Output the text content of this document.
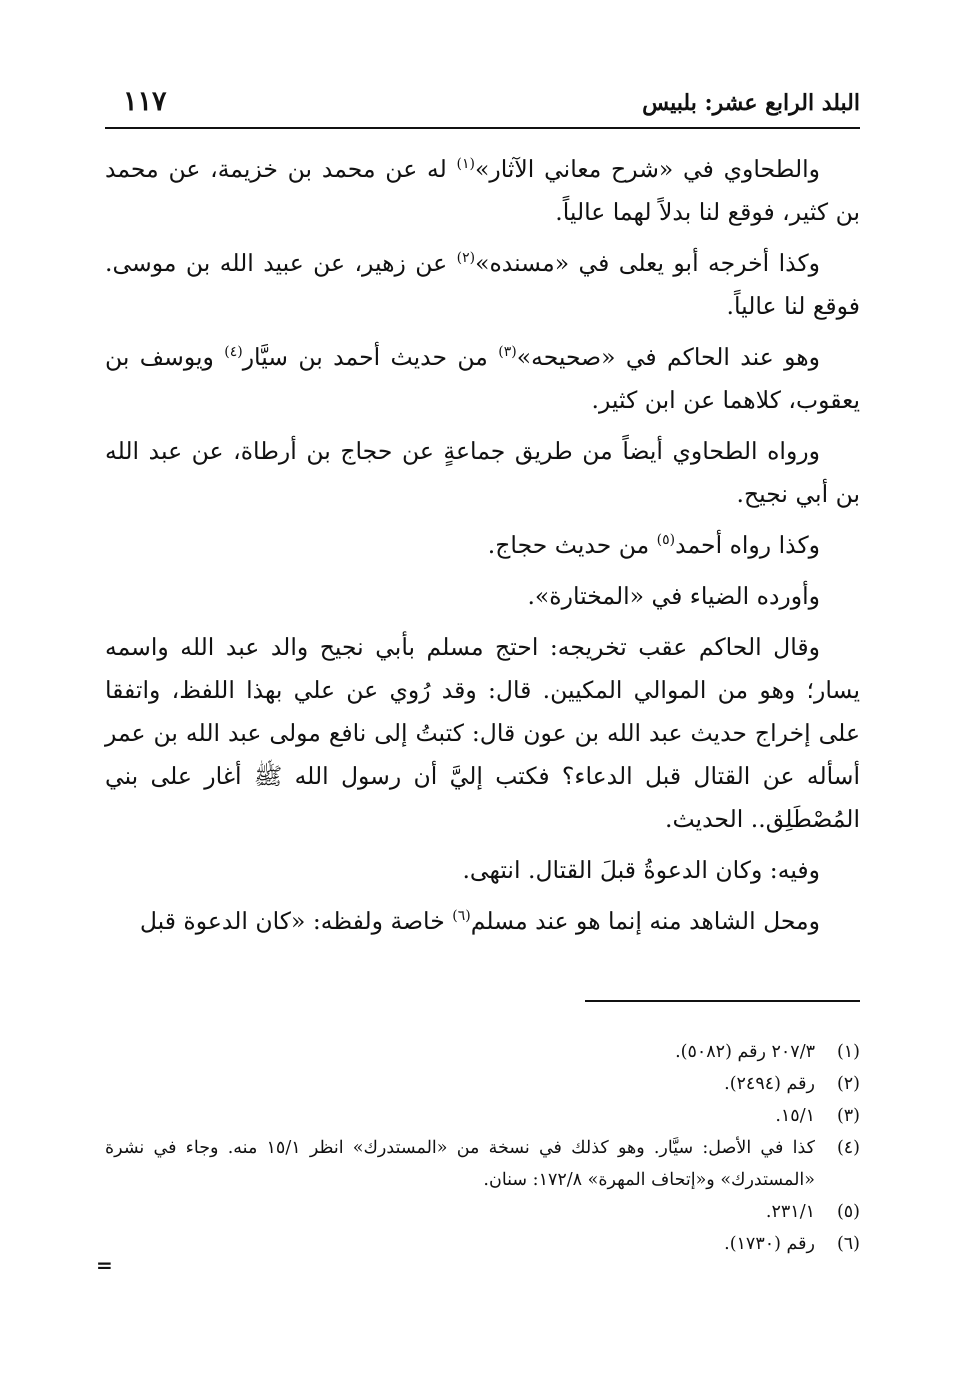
البلد الرابع عشر: بلبيس
١١٧

والطحاوي في «شرح معاني الآثار»$^{(١)}$ له عن محمد بن خزيمة، عن محمد بن كثير، فوقع لنا بدلاً لهما عالياً.

وكذا أخرجه أبو يعلى في «مسنده»$^{(٢)}$ عن زهير، عن عبيد الله بن موسى. فوقع لنا عالياً.

وهو عند الحاكم في «صحيحه»$^{(٣)}$ من حديث أحمد بن سيَّار$^{(٤)}$ ويوسف بن يعقوب، كلاهما عن ابن كثير.

ورواه الطحاوي أيضاً من طريق جماعةٍ عن حجاج بن أرطاة، عن عبد الله بن أبي نجيح.

وكذا رواه أحمد$^{(٥)}$ من حديث حجاج.

وأورده الضياء في «المختارة».

وقال الحاكم عقب تخريجه: احتج مسلم بأبي نجيح والد عبد الله واسمه يسار؛ وهو من الموالي المكيين. قال: وقد رُوي عن علي بهذا اللفظ، واتفقا على إخراج حديث عبد الله بن عون قال: كتبتُ إلى نافع مولى عبد الله بن عمر أسأله عن القتال قبل الدعاء؟ فكتب إليَّ أن رسول الله ﷺ أغار على بني المُصْطَلِق.. الحديث.

وفيه: وكان الدعوةُ قبلَ القتال. انتهى.

ومحل الشاهد منه إنما هو عند مسلم$^{(٦)}$ خاصة ولفظه: «كان الدعوة قبل

(١)
٢٠٧/٣ رقم (٥٠٨٢).
(٢)
رقم (٢٤٩٤).
(٣)
١٥/١.
(٤)
كذا في الأصل: سيَّار. وهو كذلك في نسخة من «المستدرك» انظر ١٥/١ منه. وجاء في نشرة «المستدرك» و«إتحاف المهرة» ١٧٢/٨: سنان.
(٥)
٢٣١/١.
(٦)
رقم (١٧٣٠).
=
